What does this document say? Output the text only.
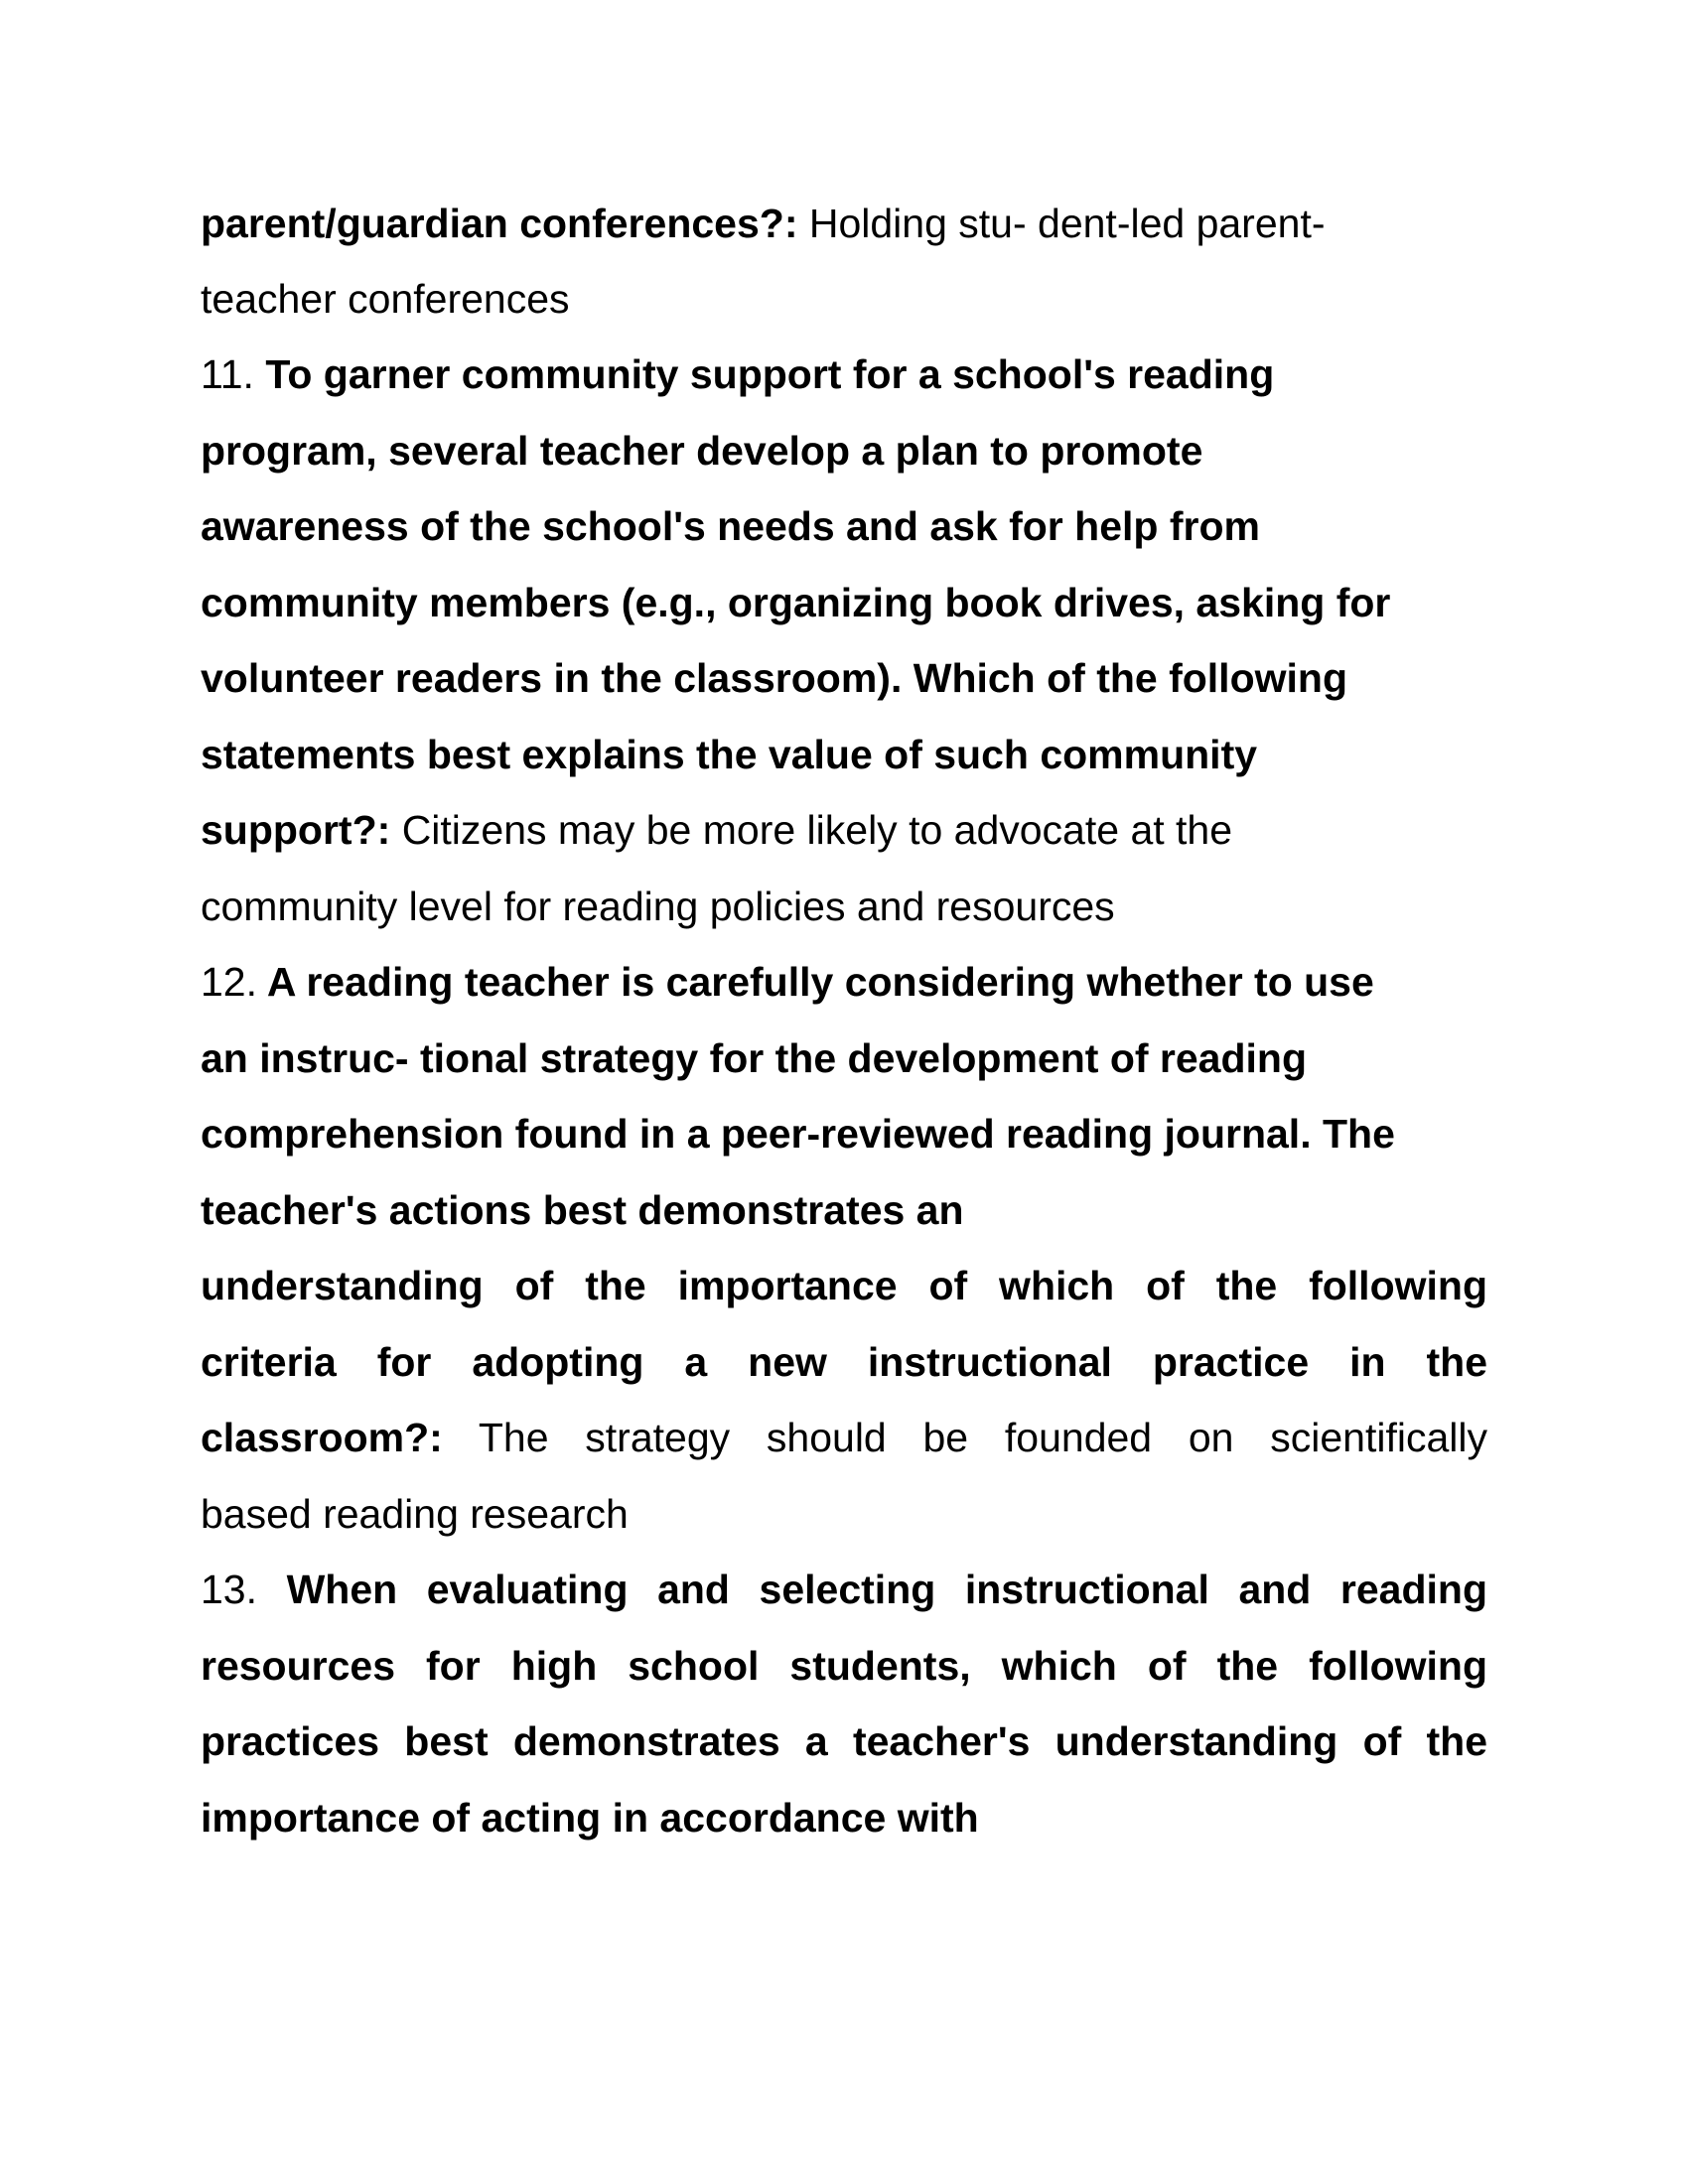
parent/guardian conferences?: Holding stu- dent-led parent-
teacher conferences
11. To garner community support for a school's reading
program, several teacher develop a plan to promote
awareness of the school's needs and ask for help from
community members (e.g., organizing book drives, asking for
volunteer readers in the classroom). Which of the following
statements best explains the value of such community
support?: Citizens may be more likely to advocate at the
community level for reading policies and resources
12. A reading teacher is carefully considering whether to use
an instruc- tional strategy for the development of reading
comprehension found in a peer-reviewed reading journal. The
teacher's actions best demonstrates an
understanding of the importance of which of the following
criteria for adopting a new instructional practice in the
classroom?: The strategy should be founded on scientifically
based reading research
13. When evaluating and selecting instructional and reading
resources for high school students, which of the following
practices best demonstrates a teacher's understanding of the
importance of acting in accordance with
